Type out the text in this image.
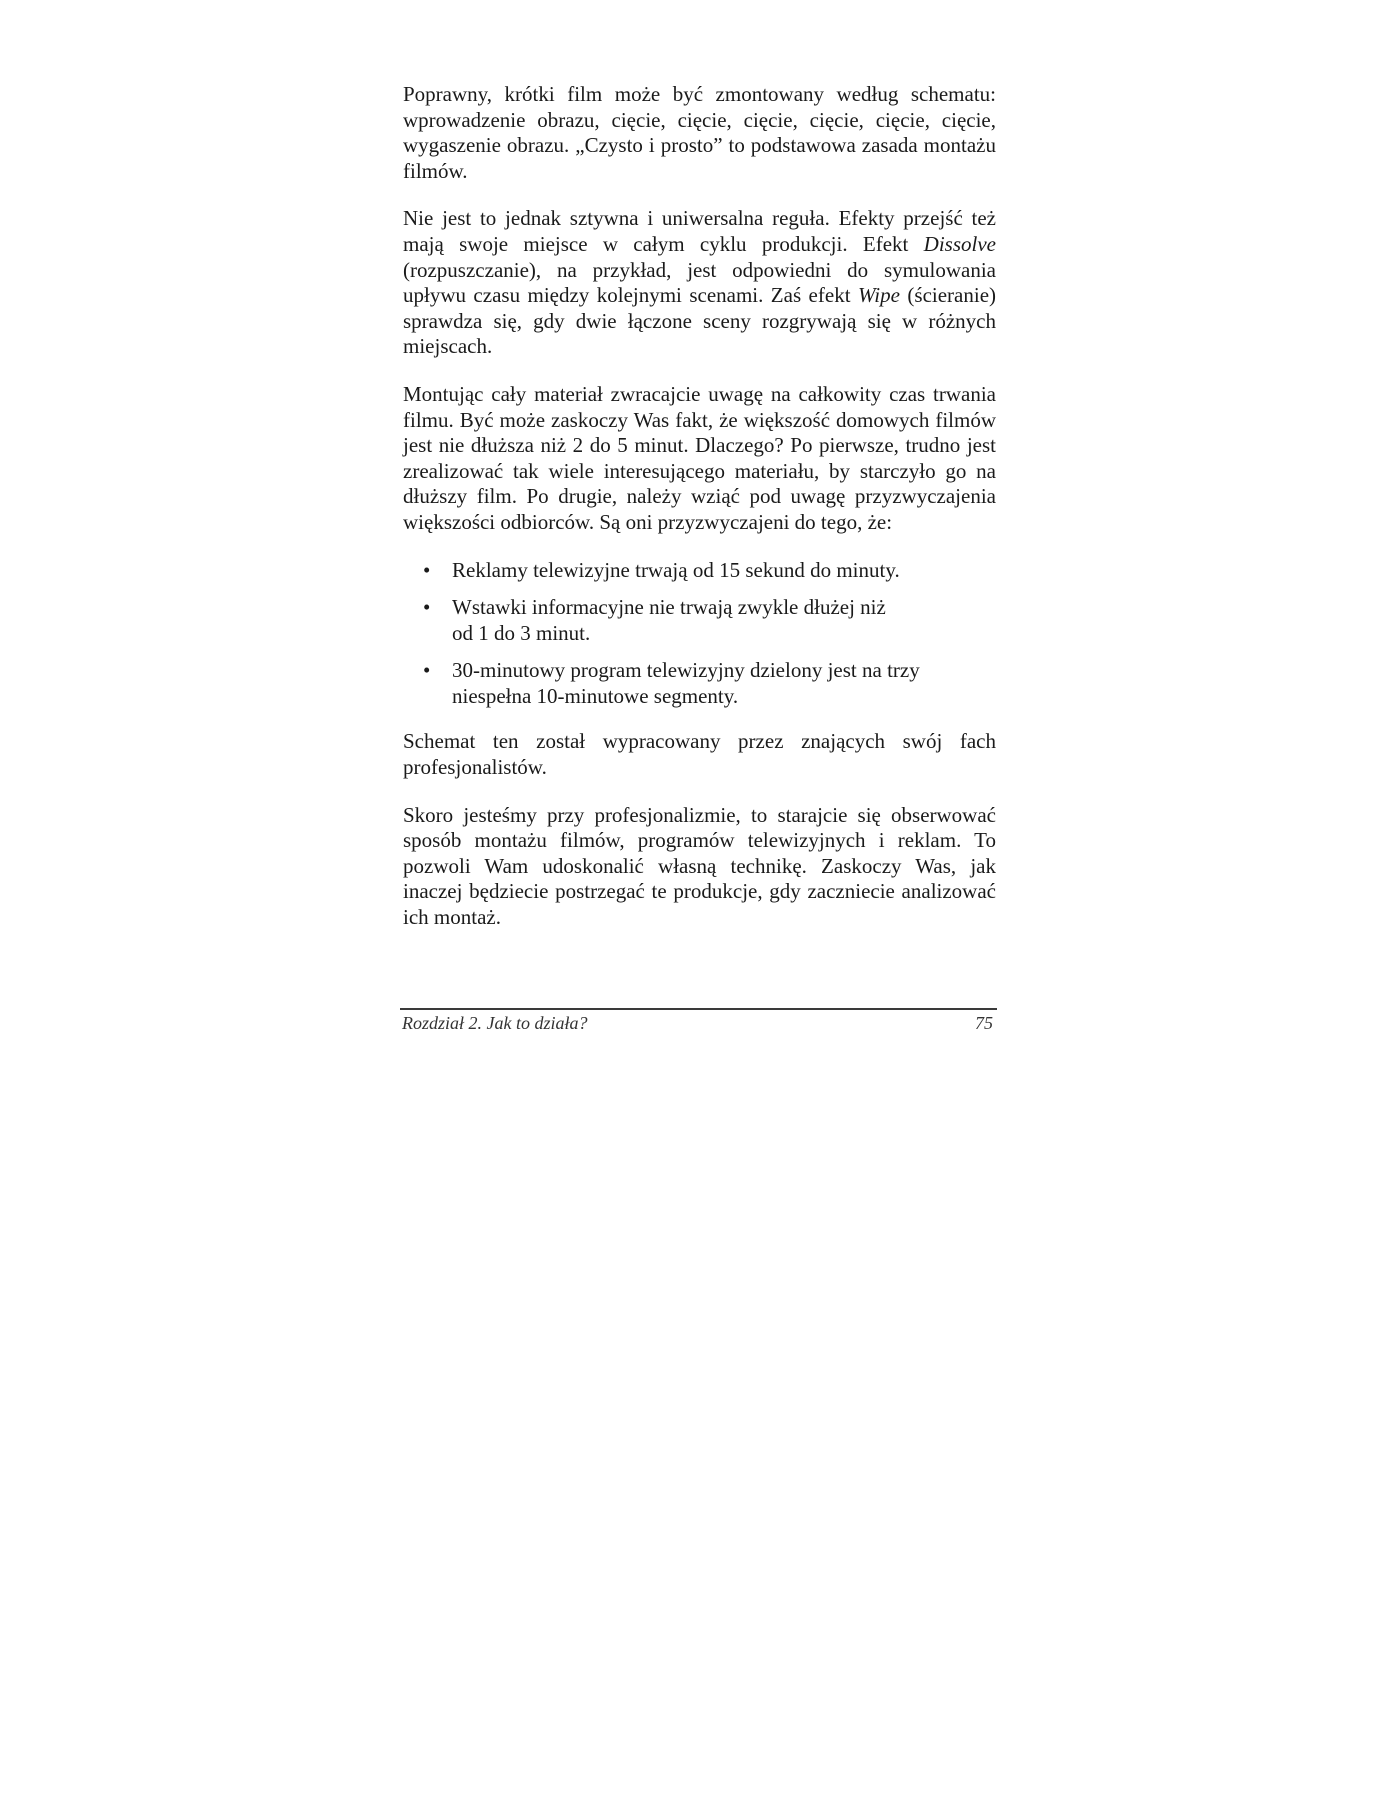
Poprawny, krótki film może być zmontowany według schematu: wprowadzenie obrazu, cięcie, cięcie, cięcie, cięcie, cięcie, cięcie, wygaszenie obrazu. „Czysto i prosto” to podstawowa zasada montażu filmów.

Nie jest to jednak sztywna i uniwersalna reguła. Efekty przejść też mają swoje miejsce w całym cyklu produkcji. Efekt Dissolve (rozpuszczanie), na przykład, jest odpowiedni do symulowania upływu czasu między kolejnymi scenami. Zaś efekt Wipe (ścieranie) sprawdza się, gdy dwie łączone sceny rozgrywają się w różnych miejscach.

Montując cały materiał zwracajcie uwagę na całkowity czas trwania filmu. Być może zaskoczy Was fakt, że większość domowych filmów jest nie dłuższa niż 2 do 5 minut. Dlaczego? Po pierwsze, trudno jest zrealizować tak wiele interesującego materiału, by starczyło go na dłuższy film. Po drugie, należy wziąć pod uwagę przyzwyczajenia większości odbiorców. Są oni przyzwyczajeni do tego, że:

• Reklamy telewizyjne trwają od 15 sekund do minuty.
• Wstawki informacyjne nie trwają zwykle dłużej niż od 1 do 3 minut.
• 30-minutowy program telewizyjny dzielony jest na trzy niespełna 10-minutowe segmenty.

Schemat ten został wypracowany przez znających swój fach profesjonalistów.

Skoro jesteśmy przy profesjonalizmie, to starajcie się obserwować sposób montażu filmów, programów telewizyjnych i reklam. To pozwoli Wam udoskonalić własną technikę. Zaskoczy Was, jak inaczej będziecie postrzegać te produkcje, gdy zaczniecie analizować ich montaż.

Rozdział 2. Jak to działa?	75
